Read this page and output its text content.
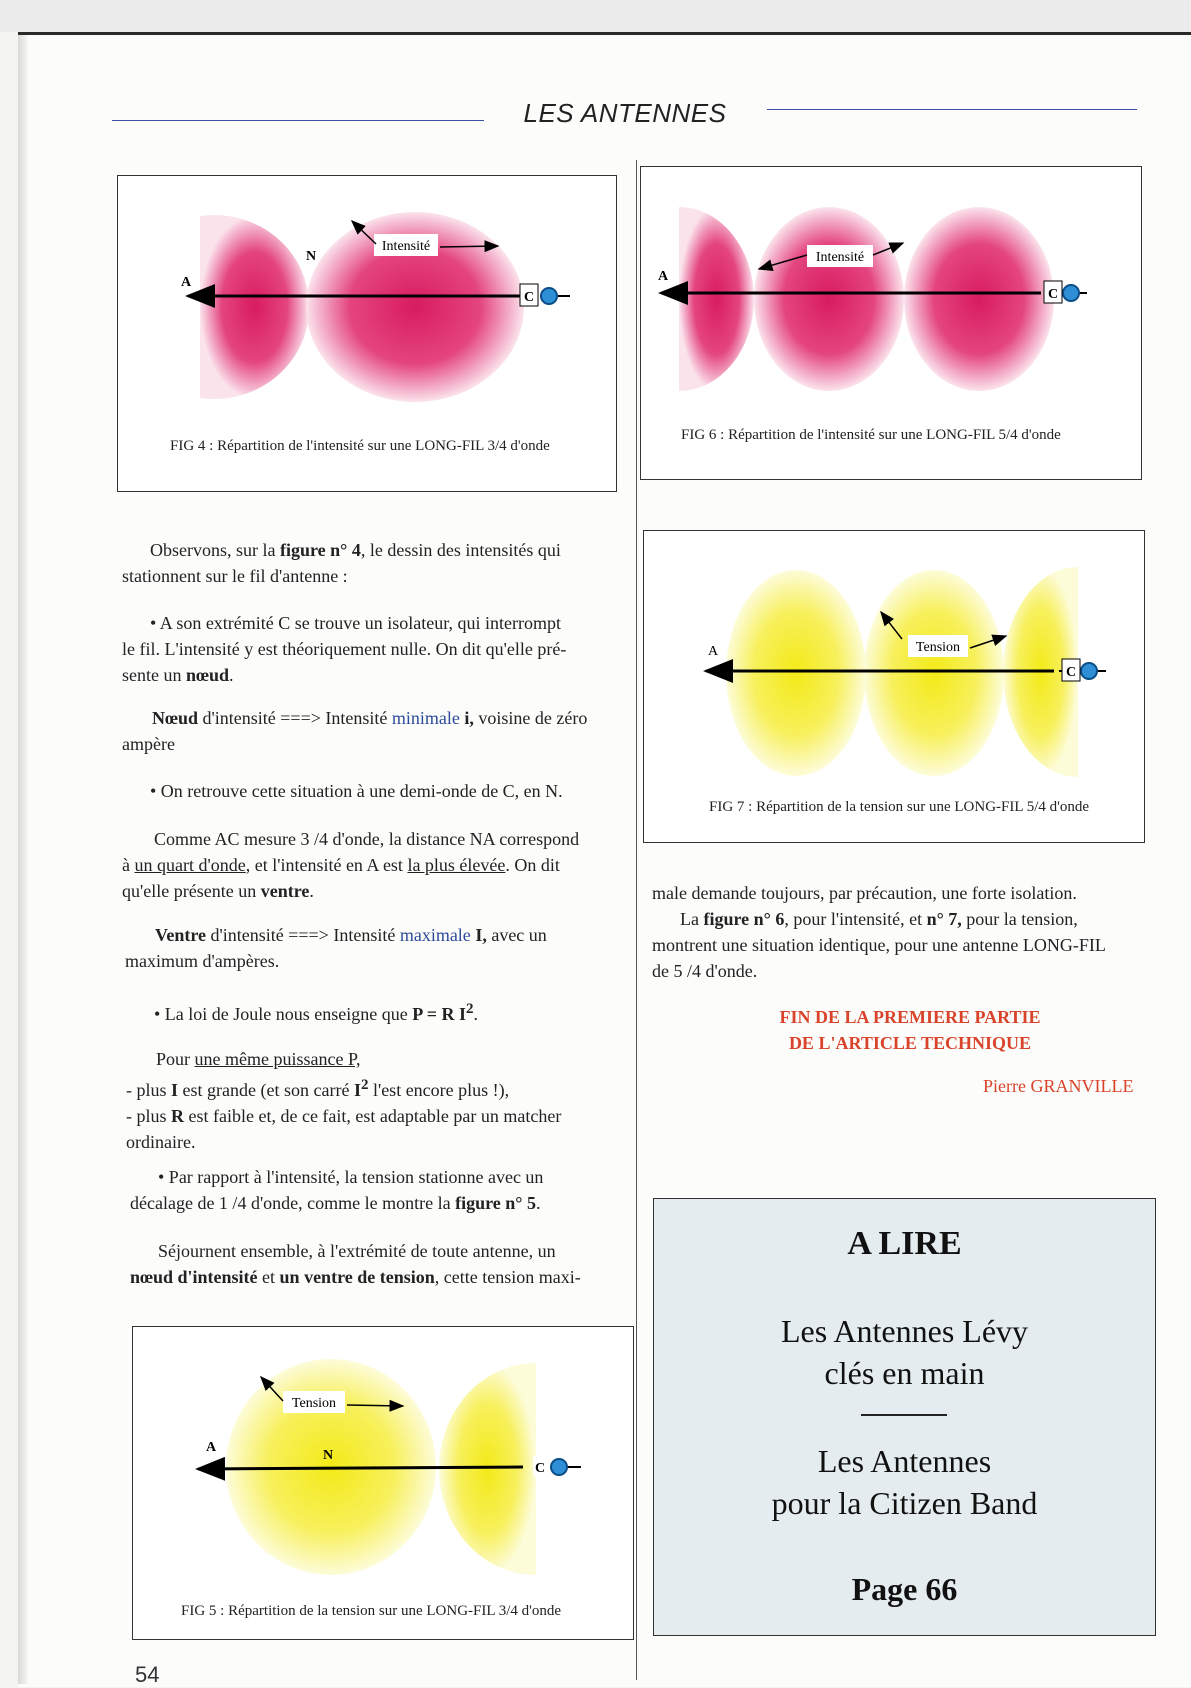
LES ANTENNES
C
A
N
Intensité
FIG 4 : Répartition de l'intensité sur une LONG-FIL 3/4 d'onde
C
A
Intensité
FIG 6 : Répartition de l'intensité sur une LONG-FIL 5/4 d'onde
C
A	Tension
FIG 7 : Répartition de la tension sur une LONG-FIL 5/4 d'onde
C
A
N
Tension
FIG 5 : Répartition de la tension sur une LONG-FIL 3/4 d'onde
Observons, sur la figure n° 4, le dessin des intensités qui
stationnent sur le fil d'antenne :
• A son extrémité C se trouve un isolateur, qui interrompt
le fil. L'intensité y est théoriquement nulle. On dit qu'elle pré-
sente un nœud.
Nœud d'intensité ===> Intensité minimale i, voisine de zéro
ampère
• On retrouve cette situation à une demi-onde de C, en N.
Comme AC mesure 3 /4 d'onde, la distance NA correspond
à un quart d'onde, et l'intensité en A est la plus élevée. On dit
qu'elle présente un ventre.
Ventre d'intensité ===> Intensité maximale I, avec un
maximum d'ampères.
• La loi de Joule nous enseigne que P = R $I^2$.
Pour une même puissance P,
- plus I est grande (et son carré $I^2$ l'est encore plus !),
- plus R est faible et, de ce fait, est adaptable par un matcher
ordinaire.
• Par rapport à l'intensité, la tension stationne avec un
décalage de 1 /4 d'onde, comme le montre la figure n° 5.
Séjournent ensemble, à l'extrémité de toute antenne, un
nœud d'intensité et un ventre de tension, cette tension maxi-
male demande toujours, par précaution, une forte isolation.
La figure n° 6, pour l'intensité, et n° 7, pour la tension,
montrent une situation identique, pour une antenne LONG-FIL
de 5 /4 d'onde.
FIN DE LA PREMIERE PARTIE
DE L'ARTICLE TECHNIQUE
Pierre GRANVILLE
A LIRE
Les Antennes Lévy
clés en main
Les Antennes
pour la Citizen Band
Page 66
54
